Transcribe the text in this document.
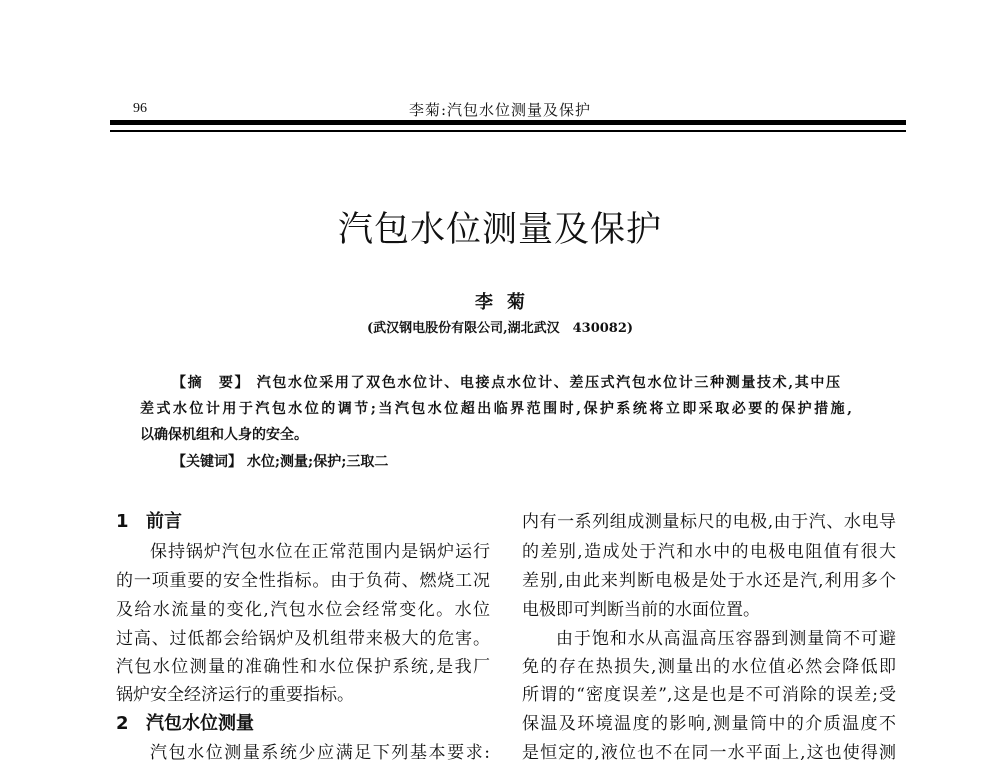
96	李菊:汽包水位测量及保护
汽包水位测量及保护
李菊
(武汉钢电股份有限公司,湖北武汉　430082)
【摘　要】 汽包水位采用了双色水位计、电接点水位计、差压式汽包水位计三种测量技术,其中压
差式水位计用于汽包水位的调节;当汽包水位超出临界范围时,保护系统将立即采取必要的保护措施,
以确保机组和人身的安全。
【关键词】 水位;测量;保护;三取二
1 前言
保持锅炉汽包水位在正常范围内是锅炉运行
的一项重要的安全性指标。由于负荷、燃烧工况
及给水流量的变化,汽包水位会经常变化。水位
过高、过低都会给锅炉及机组带来极大的危害。
汽包水位测量的准确性和水位保护系统,是我厂
锅炉安全经济运行的重要指标。
2 汽包水位测量
汽包水位测量系统少应满足下列基本要求:
内有一系列组成测量标尺的电极,由于汽、水电导
的差别,造成处于汽和水中的电极电阻值有很大
差别,由此来判断电极是处于水还是汽,利用多个
电极即可判断当前的水面位置。
由于饱和水从高温高压容器到测量筒不可避
免的存在热损失,测量出的水位值必然会降低即
所谓的“密度误差”,这是也是不可消除的误差;受
保温及环境温度的影响,测量筒中的介质温度不
是恒定的,液位也不在同一水平面上,这也使得测
